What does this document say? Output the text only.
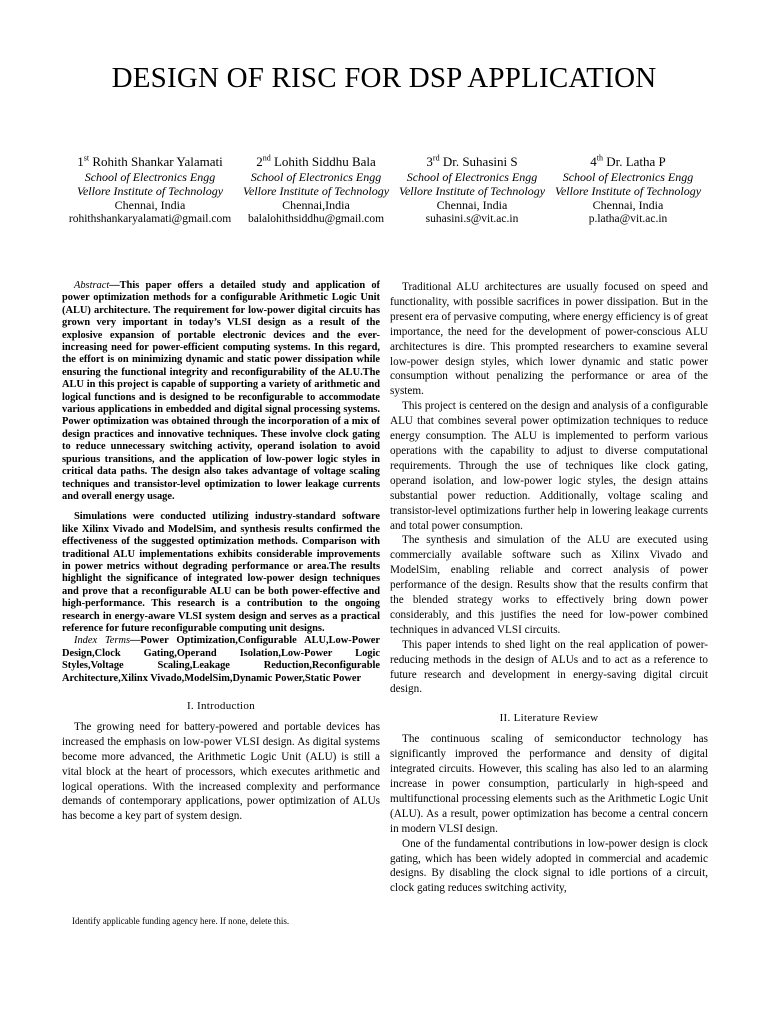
DESIGN OF RISC FOR DSP APPLICATION
1st Rohith Shankar Yalamati
School of Electronics Engg
Vellore Institute of Technology
Chennai, India
rohithshankaryalamati@gmail.com
2nd Lohith Siddhu Bala
School of Electronics Engg
Vellore Institute of Technology
Chennai,India
balalohithsiddhu@gmail.com
3rd Dr. Suhasini S
School of Electronics Engg
Vellore Institute of Technology
Chennai, India
suhasini.s@vit.ac.in
4th Dr. Latha P
School of Electronics Engg
Vellore Institute of Technology
Chennai, India
p.latha@vit.ac.in

Abstract—This paper offers a detailed study and application of power optimization methods for a configurable Arithmetic Logic Unit (ALU) architecture. The requirement for low-power digital circuits has grown very important in today’s VLSI design as a result of the explosive expansion of portable electronic devices and the ever-increasing need for power-efficient computing systems. In this regard, the effort is on minimizing dynamic and static power dissipation while ensuring the functional integrity and reconfigurability of the ALU.The ALU in this project is capable of supporting a variety of arithmetic and logical functions and is designed to be reconfigurable to accommodate various applications in embedded and digital signal processing systems. Power optimization was obtained through the incorporation of a mix of design practices and innovative techniques. These involve clock gating to reduce unnecessary switching activity, operand isolation to avoid spurious transitions, and the application of low-power logic styles in critical data paths. The design also takes advantage of voltage scaling techniques and transistor-level optimization to lower leakage currents and overall energy usage.

Simulations were conducted utilizing industry-standard software like Xilinx Vivado and ModelSim, and synthesis results confirmed the effectiveness of the suggested optimization methods. Comparison with traditional ALU implementations exhibits considerable improvements in power metrics without degrading performance or area.The results highlight the significance of integrated low-power design techniques and prove that a reconfigurable ALU can be both power-effective and high-performance. This research is a contribution to the ongoing research in energy-aware VLSI system design and serves as a practical reference for future reconfigurable computing unit designs.

Index Terms—Power Optimization,Configurable ALU,Low-Power Design,Clock Gating,Operand Isolation,Low-Power Logic Styles,Voltage Scaling,Leakage Reduction,Reconfigurable Architecture,Xilinx Vivado,ModelSim,Dynamic Power,Static Power

I. Introduction

The growing need for battery-powered and portable devices has increased the emphasis on low-power VLSI design. As digital systems become more advanced, the Arithmetic Logic Unit (ALU) is still a vital block at the heart of processors, which executes arithmetic and logical operations. With the increased complexity and performance demands of contemporary applications, power optimization of ALUs has become a key part of system design.

Identify applicable funding agency here. If none, delete this.

Traditional ALU architectures are usually focused on speed and functionality, with possible sacrifices in power dissipation. But in the present era of pervasive computing, where energy efficiency is of great importance, the need for the development of power-conscious ALU architectures is dire. This prompted researchers to examine several low-power design styles, which lower dynamic and static power consumption without penalizing the performance or area of the system.

This project is centered on the design and analysis of a configurable ALU that combines several power optimization techniques to reduce energy consumption. The ALU is implemented to perform various operations with the capability to adjust to diverse computational requirements. Through the use of techniques like clock gating, operand isolation, and low-power logic styles, the design attains substantial power reduction. Additionally, voltage scaling and transistor-level optimizations further help in lowering leakage currents and total power consumption.

The synthesis and simulation of the ALU are executed using commercially available software such as Xilinx Vivado and ModelSim, enabling reliable and correct analysis of power performance of the design. Results show that the results confirm that the blended strategy works to effectively bring down power considerably, and this justifies the need for low-power combined techniques in advanced VLSI circuits.

This paper intends to shed light on the real application of power-reducing methods in the design of ALUs and to act as a reference to future research and development in energy-saving digital circuit design.

II. Literature Review

The continuous scaling of semiconductor technology has significantly improved the performance and density of digital integrated circuits. However, this scaling has also led to an alarming increase in power consumption, particularly in high-speed and multifunctional processing elements such as the Arithmetic Logic Unit (ALU). As a result, power optimization has become a central concern in modern VLSI design.

One of the fundamental contributions in low-power design is clock gating, which has been widely adopted in commercial and academic designs. By disabling the clock signal to idle portions of a circuit, clock gating reduces switching activity,
